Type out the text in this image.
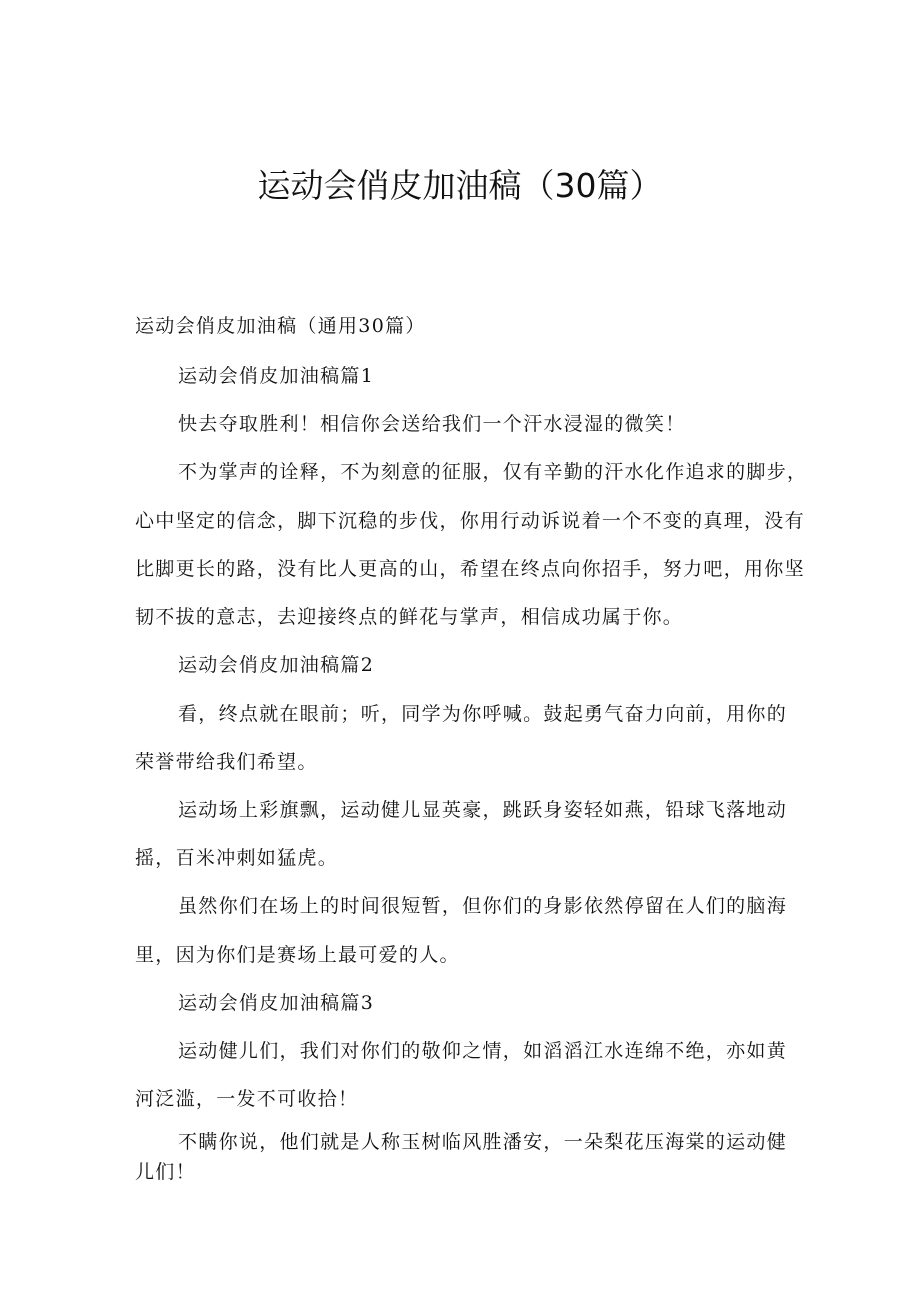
运动会俏皮加油稿（30篇）

运动会俏皮加油稿（通用30篇）

运动会俏皮加油稿篇1

快去夺取胜利！相信你会送给我们一个汗水浸湿的微笑！

不为掌声的诠释，不为刻意的征服，仅有辛勤的汗水化作追求的脚步，

心中坚定的信念，脚下沉稳的步伐，你用行动诉说着一个不变的真理，没有

比脚更长的路，没有比人更高的山，希望在终点向你招手，努力吧，用你坚

韧不拔的意志，去迎接终点的鲜花与掌声，相信成功属于你。

运动会俏皮加油稿篇2

看，终点就在眼前；听，同学为你呼喊。鼓起勇气奋力向前，用你的

荣誉带给我们希望。

运动场上彩旗飘，运动健儿显英豪，跳跃身姿轻如燕，铅球飞落地动

摇，百米冲刺如猛虎。

虽然你们在场上的时间很短暂，但你们的身影依然停留在人们的脑海

里，因为你们是赛场上最可爱的人。

运动会俏皮加油稿篇3

运动健儿们，我们对你们的敬仰之情，如滔滔江水连绵不绝，亦如黄

河泛滥，一发不可收拾！

不瞒你说，他们就是人称玉树临风胜潘安，一朵梨花压海棠的运动健

儿们！
